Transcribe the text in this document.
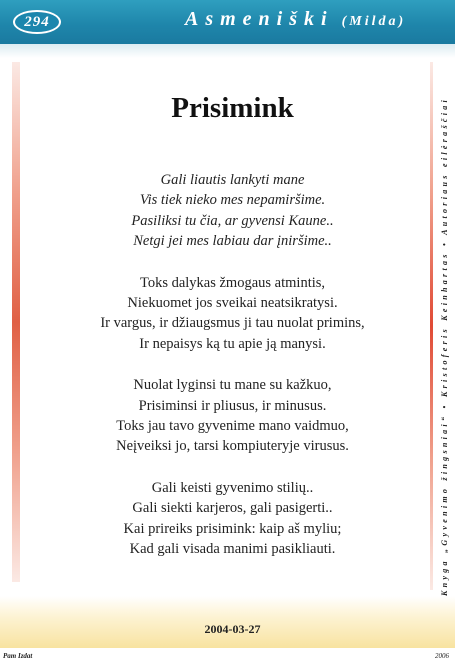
294	Asmeniški (Milda)
Knyga „Gyvenimo žingsniai“ • Kristoferis Keinhartas • Autoriaus eilėraščiai
Prisimink
Gali liautis lankyti mane
Vis tiek nieko mes nepamiršime.
Pasiliksi tu čia, ar gyvensi Kaune..
Netgi jei mes labiau dar įniršime..
Toks dalykas žmogaus atmintis,
Niekuomet jos sveikai neatsikratysi.
Ir vargus, ir džiaugsmus ji tau nuolat primins,
Ir nepaisys ką tu apie ją manysi.
Nuolat lyginsi tu mane su kažkuo,
Prisiminsi ir pliusus, ir minusus.
Toks jau tavo gyvenime mano vaidmuo,
Neįveiksi jo, tarsi kompiuteryje virusus.
Gali keisti gyvenimo stilių..
Gali siekti karjeros, gali pasigerti..
Kai prireiks prisimink: kaip aš myliu;
Kad gali visada manimi pasikliauti.
2004-03-27
Pam Izdat	2006
